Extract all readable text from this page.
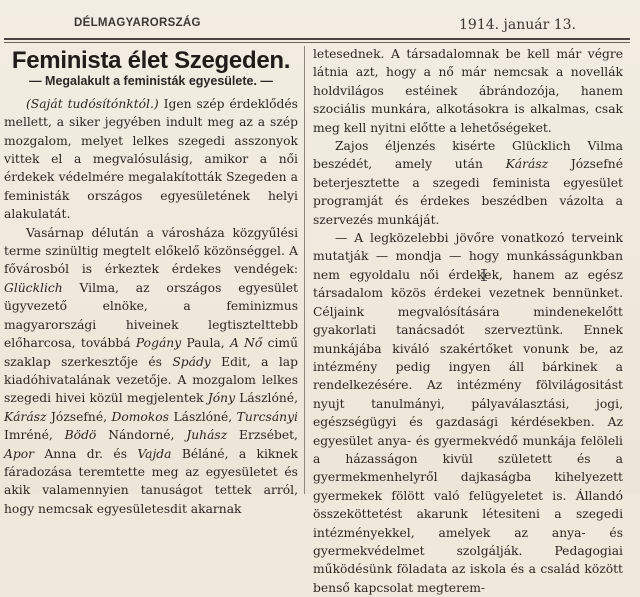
DÉLMAGYARORSZÁG	1914. január 13.
Feminista élet Szegeden.
— Megalakult a feministák egyesülete. —

(Saját tudósítónktól.) Igen szép érdeklődés mellett, a siker jegyében indult meg az a szép mozgalom, melyet lelkes szegedi asszonyok vittek el a megvalósulásig, amikor a női érdekek védelmére megalakították Szegeden a feministák országos egyesületének helyi alakulatát.

Vasárnap délután a városháza közgyűlési terme szinültig megtelt előkelő közönséggel. A fővárosból is érkeztek érdekes vendégek: Glücklich Vilma, az országos egyesület ügyvezető elnöke, a feminizmus magyarországi hiveinek legtisztelttebb előharcosa, továbbá Pogány Paula, A Nő cimű szaklap szerkesztője és Spády Edit, a lap kiadóhivatalának vezetője. A mozgalom lelkes szegedi hivei közül megjelentek Jóny Lászlóné, Kárász Józsefné, Domokos Lászlóné, Turcsányi Imréné, Bödö Nándorné, Juhász Erzsébet, Apor Anna dr. és Vajda Béláné, a kiknek fáradozása teremtette meg az egyesületet és akik valamennyien tanuságot tettek arról, hogy nemcsak egyesületesdit akarnak

letesednek. A társadalomnak be kell már végre látnia azt, hogy a nő már nemcsak a novellák holdvilágos estéinek ábrándozója, hanem szociális munkára, alkotásokra is alkalmas, csak meg kell nyitni előtte a lehetőségeket.

Zajos éljenzés kisérte Glücklich Vilma beszédét, amely után Kárász Józsefné beterjesztette a szegedi feminista egyesület programját és érdekes beszédben vázolta a szervezés munkáját.

— A legközelebbi jövőre vonatkozó terveink mutatják — mondja — hogy munkásságunkban nem egyoldalu női érdekek, hanem az egész társadalom közös érdekei vezetnek bennünket. Céljaink megvalósítására mindenekelőtt gyakorlati tanácsadót szerveztünk. Ennek munkájába kiváló szakértőket vonunk be, az intézmény pedig ingyen áll bárkinek a rendelkezésére. Az intézmény fölvilágositást nyujt tanulmányi, pályaválasztási, jogi, egészségügyi és gazdasági kérdésekben. Az egyesület anya- és gyermekvédő munkája felöleli a házasságon kivül született és a gyermekmenhelyről dajkaságba kihelyezett gyermekek fölött való felügyeletet is. Állandó összeköttetést akarunk létesiteni a szegedi intézményekkel, amelyek az anya- és gyermekvédelmet szolgálják. Pedagogiai működésünk föladata az iskola és a család között benső kapcsolat megterem-
